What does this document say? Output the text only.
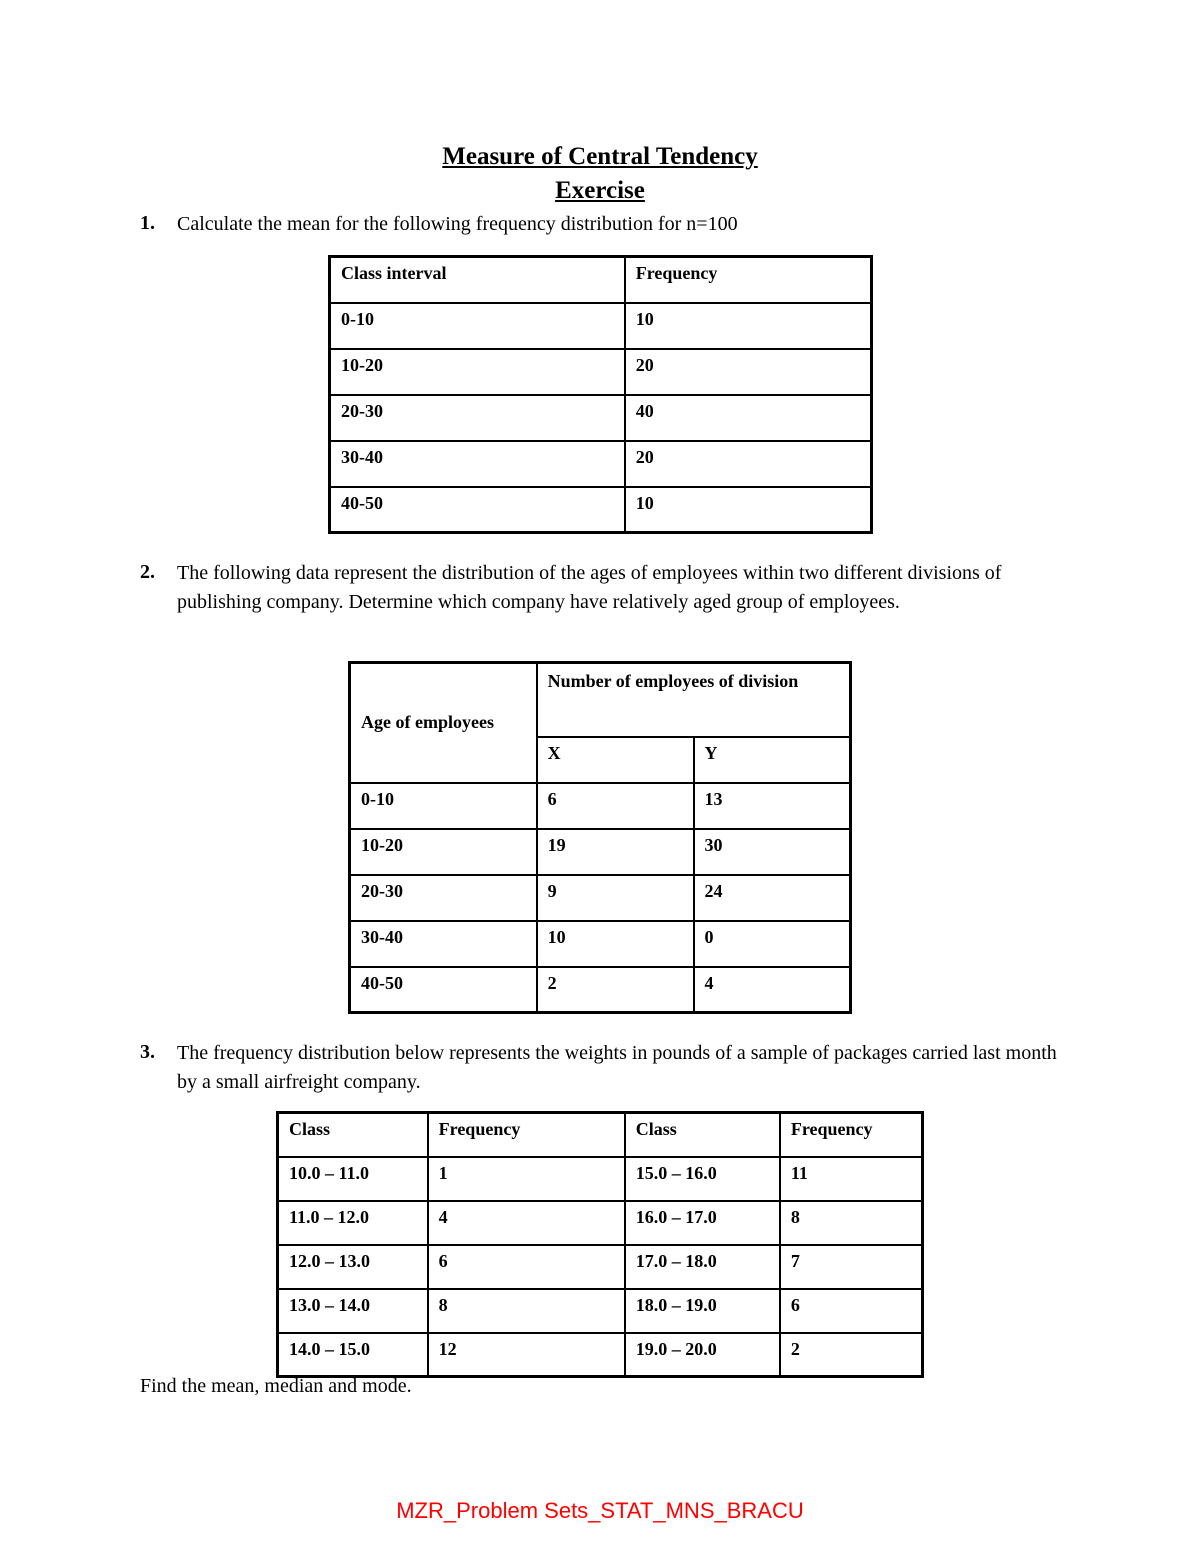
Measure of Central Tendency
Exercise
1. Calculate the mean for the following frequency distribution for n=100
Class interval	Frequency
0-10	10
10-20	20
20-30	40
30-40	20
40-50	10
2. The following data represent the distribution of the ages of employees within two different divisions of publishing company. Determine which company have relatively aged group of employees.
Age of employees	Number of employees of division	
	X	Y
0-10	6	13
10-20	19	30
20-30	9	24
30-40	10	0
40-50	2	4
3. The frequency distribution below represents the weights in pounds of a sample of packages carried last month by a small airfreight company.
Class	Frequency	Class	Frequency
10.0 – 11.0	1	15.0 – 16.0	11
11.0 – 12.0	4	16.0 – 17.0	8
12.0 – 13.0	6	17.0 – 18.0	7
13.0 – 14.0	8	18.0 – 19.0	6
14.0 – 15.0	12	19.0 – 20.0	2
Find the mean, median and mode.
MZR_Problem Sets_STAT_MNS_BRACU
